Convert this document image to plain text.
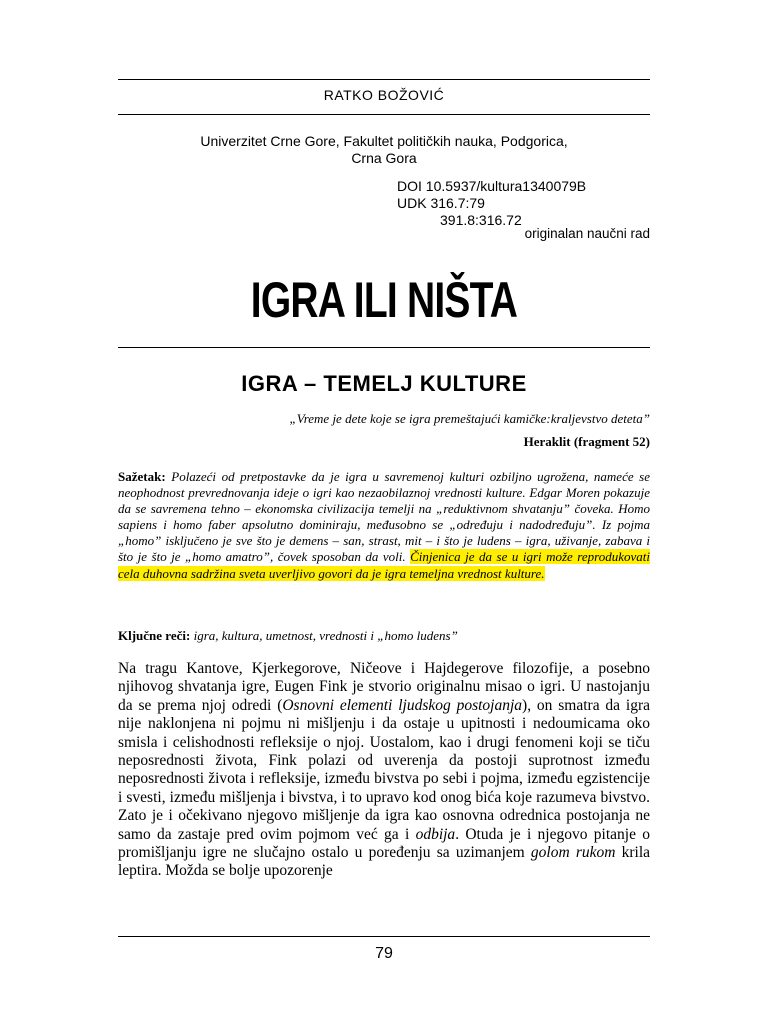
RATKO BOŽOVIĆ
Univerzitet Crne Gore, Fakultet političkih nauka, Podgorica,
Crna Gora
DOI 10.5937/kultura1340079B
UDK 316.7:79
391.8:316.72
originalan naučni rad
IGRA ILI NIŠTA
IGRA – TEMELJ KULTURE
„Vreme je dete koje se igra premeštajući kamičke:kraljevstvo deteta”
Heraklit (fragment 52)
Sažetak: Polazeći od pretpostavke da je igra u savremenoj kulturi ozbiljno ugrožena, nameće se neophodnost prevrednovanja ideje o igri kao nezaobilaznoj vrednosti kulture. Edgar Moren pokazuje da se savremena tehno – ekonomska civilizacija temelji na „reduktivnom shvatanju” čoveka. Homo sapiens i homo faber apsolutno dominiraju, međusobno se „određuju i nadodređuju”. Iz pojma „homo” isključeno je sve što je demens – san, strast, mit – i što je ludens – igra, uživanje, zabava i što je što je „homo amatro”, čovek sposoban da voli. Činjenica je da se u igri može reprodukovati cela duhovna sadržina sveta uverljivo govori da je igra temeljna vrednost kulture.
Ključne reči: igra, kultura, umetnost, vrednosti i „homo ludens”
Na tragu Kantove, Kjerkegorove, Ničeove i Hajdegerove filozofije, a posebno njihovog shvatanja igre, Eugen Fink je stvorio originalnu misao o igri. U nastojanju da se prema njoj odredi (Osnovni elementi ljudskog postojanja), on smatra da igra nije naklonjena ni pojmu ni mišljenju i da ostaje u upitnosti i nedoumicama oko smisla i celishodnosti refleksije o njoj. Uostalom, kao i drugi fenomeni koji se tiču neposrednosti života, Fink polazi od uverenja da postoji suprotnost između neposrednosti života i refleksije, između bivstva po sebi i pojma, između egzistencije i svesti, između mišljenja i bivstva, i to upravo kod onog bića koje razumeva bivstvo. Zato je i očekivano njegovo mišljenje da igra kao osnovna odrednica postojanja ne samo da zastaje pred ovim pojmom već ga i odbija. Otuda je i njegovo pitanje o promišljanju igre ne slučajno ostalo u poređenju sa uzimanjem golom rukom krila leptira. Možda se bolje upozorenje
79
